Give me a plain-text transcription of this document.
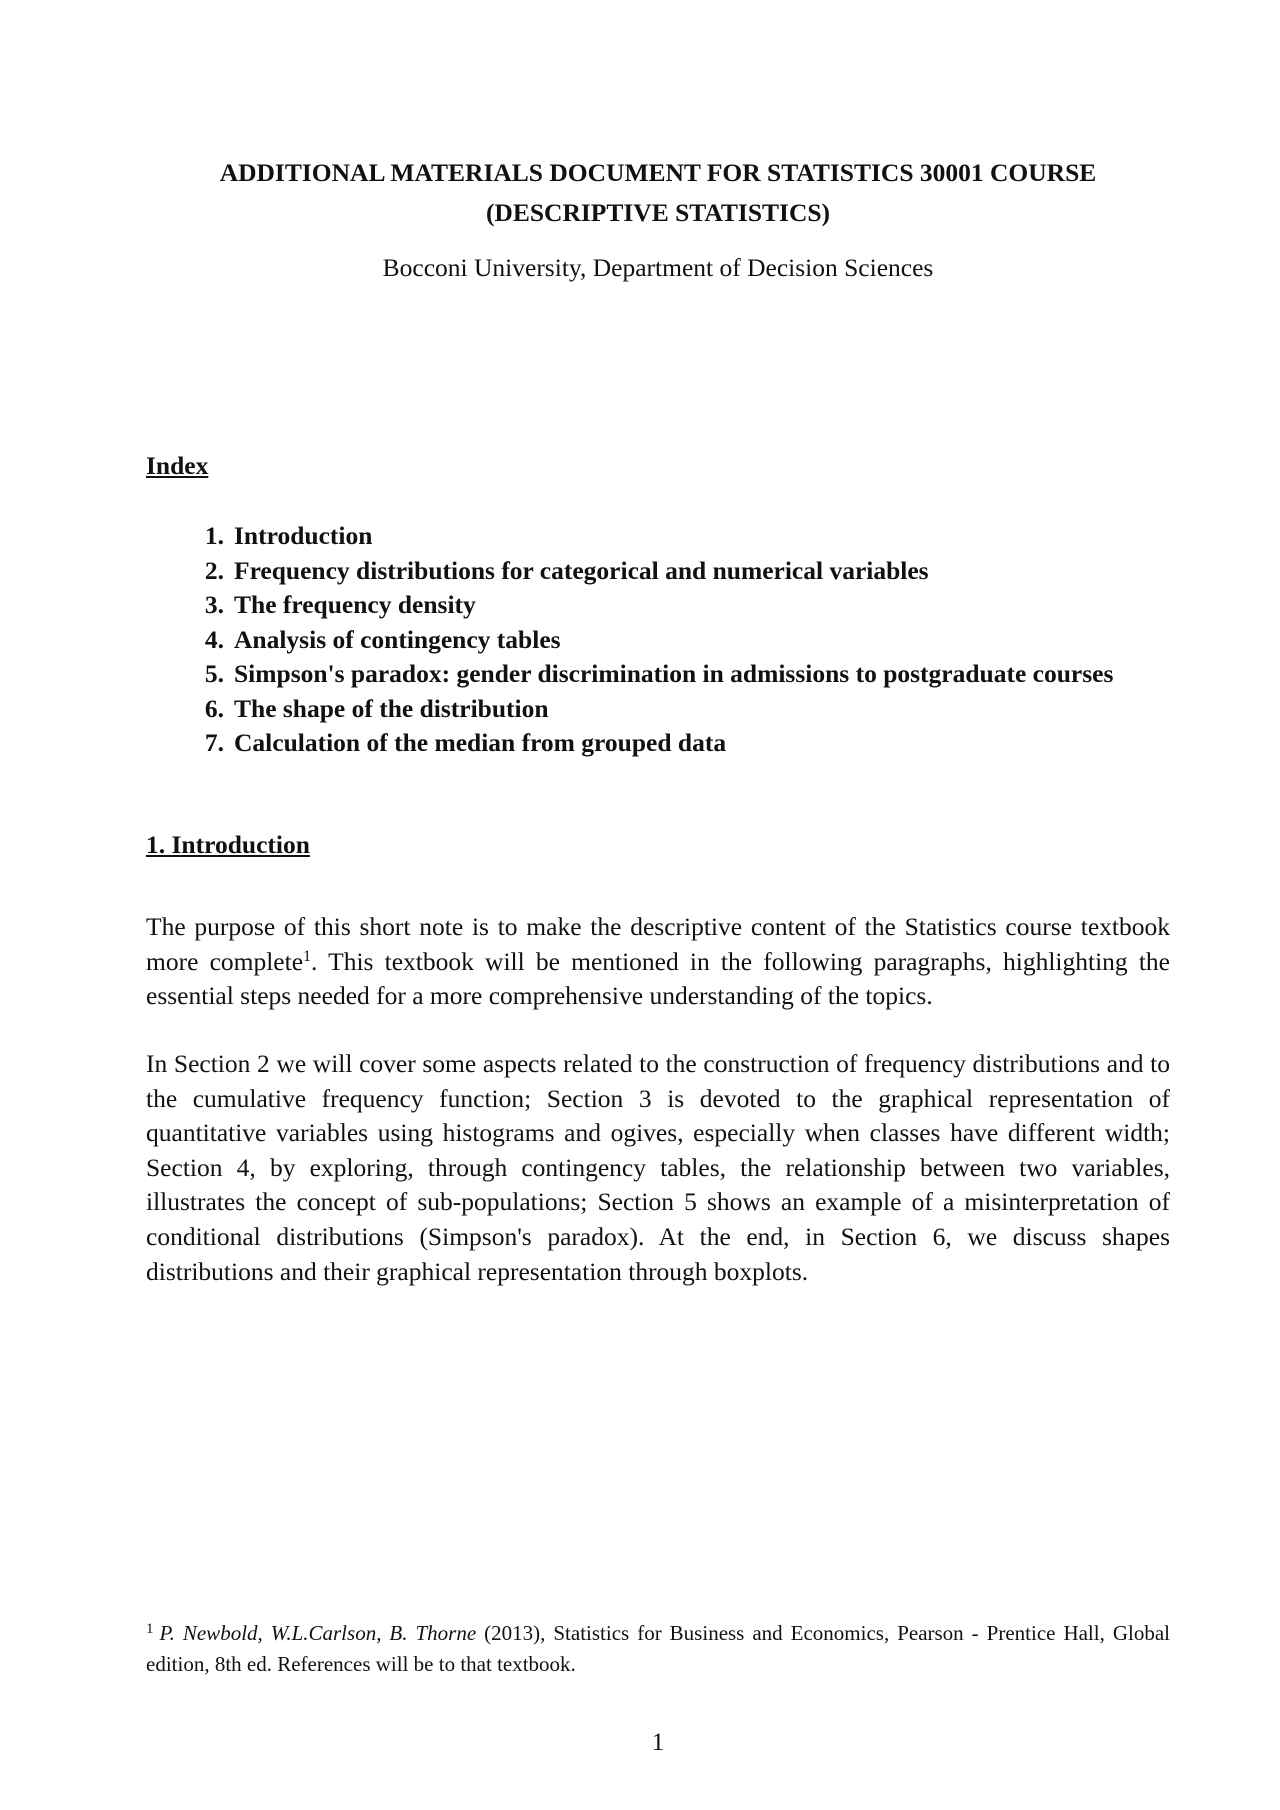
ADDITIONAL MATERIALS DOCUMENT FOR STATISTICS 30001 COURSE
(DESCRIPTIVE STATISTICS)
Bocconi University, Department of Decision Sciences
Index
1. Introduction
2. Frequency distributions for categorical and numerical variables
3. The frequency density
4. Analysis of contingency tables
5. Simpson's paradox: gender discrimination in admissions to postgraduate courses
6. The shape of the distribution
7. Calculation of the median from grouped data
1. Introduction

The purpose of this short note is to make the descriptive content of the Statistics course textbook more complete$^1$. This textbook will be mentioned in the following paragraphs, highlighting the essential steps needed for a more comprehensive understanding of the topics.

In Section 2 we will cover some aspects related to the construction of frequency distributions and to the cumulative frequency function; Section 3 is devoted to the graphical representation of quantitative variables using histograms and ogives, especially when classes have different width; Section 4, by exploring, through contingency tables, the relationship between two variables, illustrates the concept of sub-populations; Section 5 shows an example of a misinterpretation of conditional distributions (Simpson's paradox). At the end, in Section 6, we discuss shapes distributions and their graphical representation through boxplots.

$^1$ P. Newbold, W.L.Carlson, B. Thorne (2013), Statistics for Business and Economics, Pearson - Prentice Hall, Global edition, 8th ed. References will be to that textbook.

1
